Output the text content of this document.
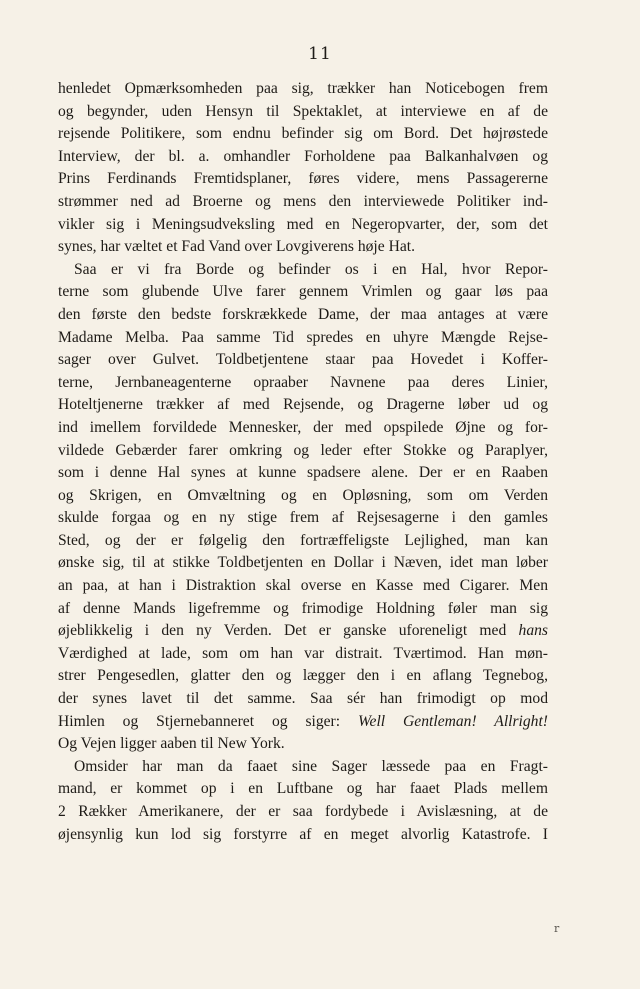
11
henledet Opmærksomheden paa sig, trækker han Noticebogen frem
og begynder, uden Hensyn til Spektaklet, at interviewe en af de
rejsende Politikere, som endnu befinder sig om Bord. Det højrøstede
Interview, der bl. a. omhandler Forholdene paa Balkanhalvøen og
Prins Ferdinands Fremtidsplaner, føres videre, mens Passagererne
strømmer ned ad Broerne og mens den interviewede Politiker ind-
vikler sig i Meningsudveksling med en Negeropvarter, der, som det
synes, har væltet et Fad Vand over Lovgiverens høje Hat.
Saa er vi fra Borde og befinder os i en Hal, hvor Repor-
terne som glubende Ulve farer gennem Vrimlen og gaar løs paa
den første den bedste forskrækkede Dame, der maa antages at være
Madame Melba. Paa samme Tid spredes en uhyre Mængde Rejse-
sager over Gulvet. Toldbetjentene staar paa Hovedet i Koffer-
terne, Jernbaneagenterne opraaber Navnene paa deres Linier,
Hoteltjenerne trækker af med Rejsende, og Dragerne løber ud og
ind imellem forvildede Mennesker, der med opspilede Øjne og for-
vildede Gebærder farer omkring og leder efter Stokke og Paraplyer,
som i denne Hal synes at kunne spadsere alene. Der er en Raaben
og Skrigen, en Omvæltning og en Opløsning, som om Verden
skulde forgaa og en ny stige frem af Rejsesagerne i den gamles
Sted, og der er følgelig den fortræffeligste Lejlighed, man kan
ønske sig, til at stikke Toldbetjenten en Dollar i Næven, idet man løber
an paa, at han i Distraktion skal overse en Kasse med Cigarer. Men
af denne Mands ligefremme og frimodige Holdning føler man sig
øjeblikkelig i den ny Verden. Det er ganske uforeneligt med hans
Værdighed at lade, som om han var distrait. Tværtimod. Han møn-
strer Pengesedlen, glatter den og lægger den i en aflang Tegnebog,
der synes lavet til det samme. Saa sér han frimodigt op mod
Himlen og Stjernebanneret og siger: Well Gentleman! Allright!
Og Vejen ligger aaben til New York.
Omsider har man da faaet sine Sager læssede paa en Fragt-
mand, er kommet op i en Luftbane og har faaet Plads mellem
2 Rækker Amerikanere, der er saa fordybede i Avislæsning, at de
øjensynlig kun lod sig forstyrre af en meget alvorlig Katastrofe. I
r
